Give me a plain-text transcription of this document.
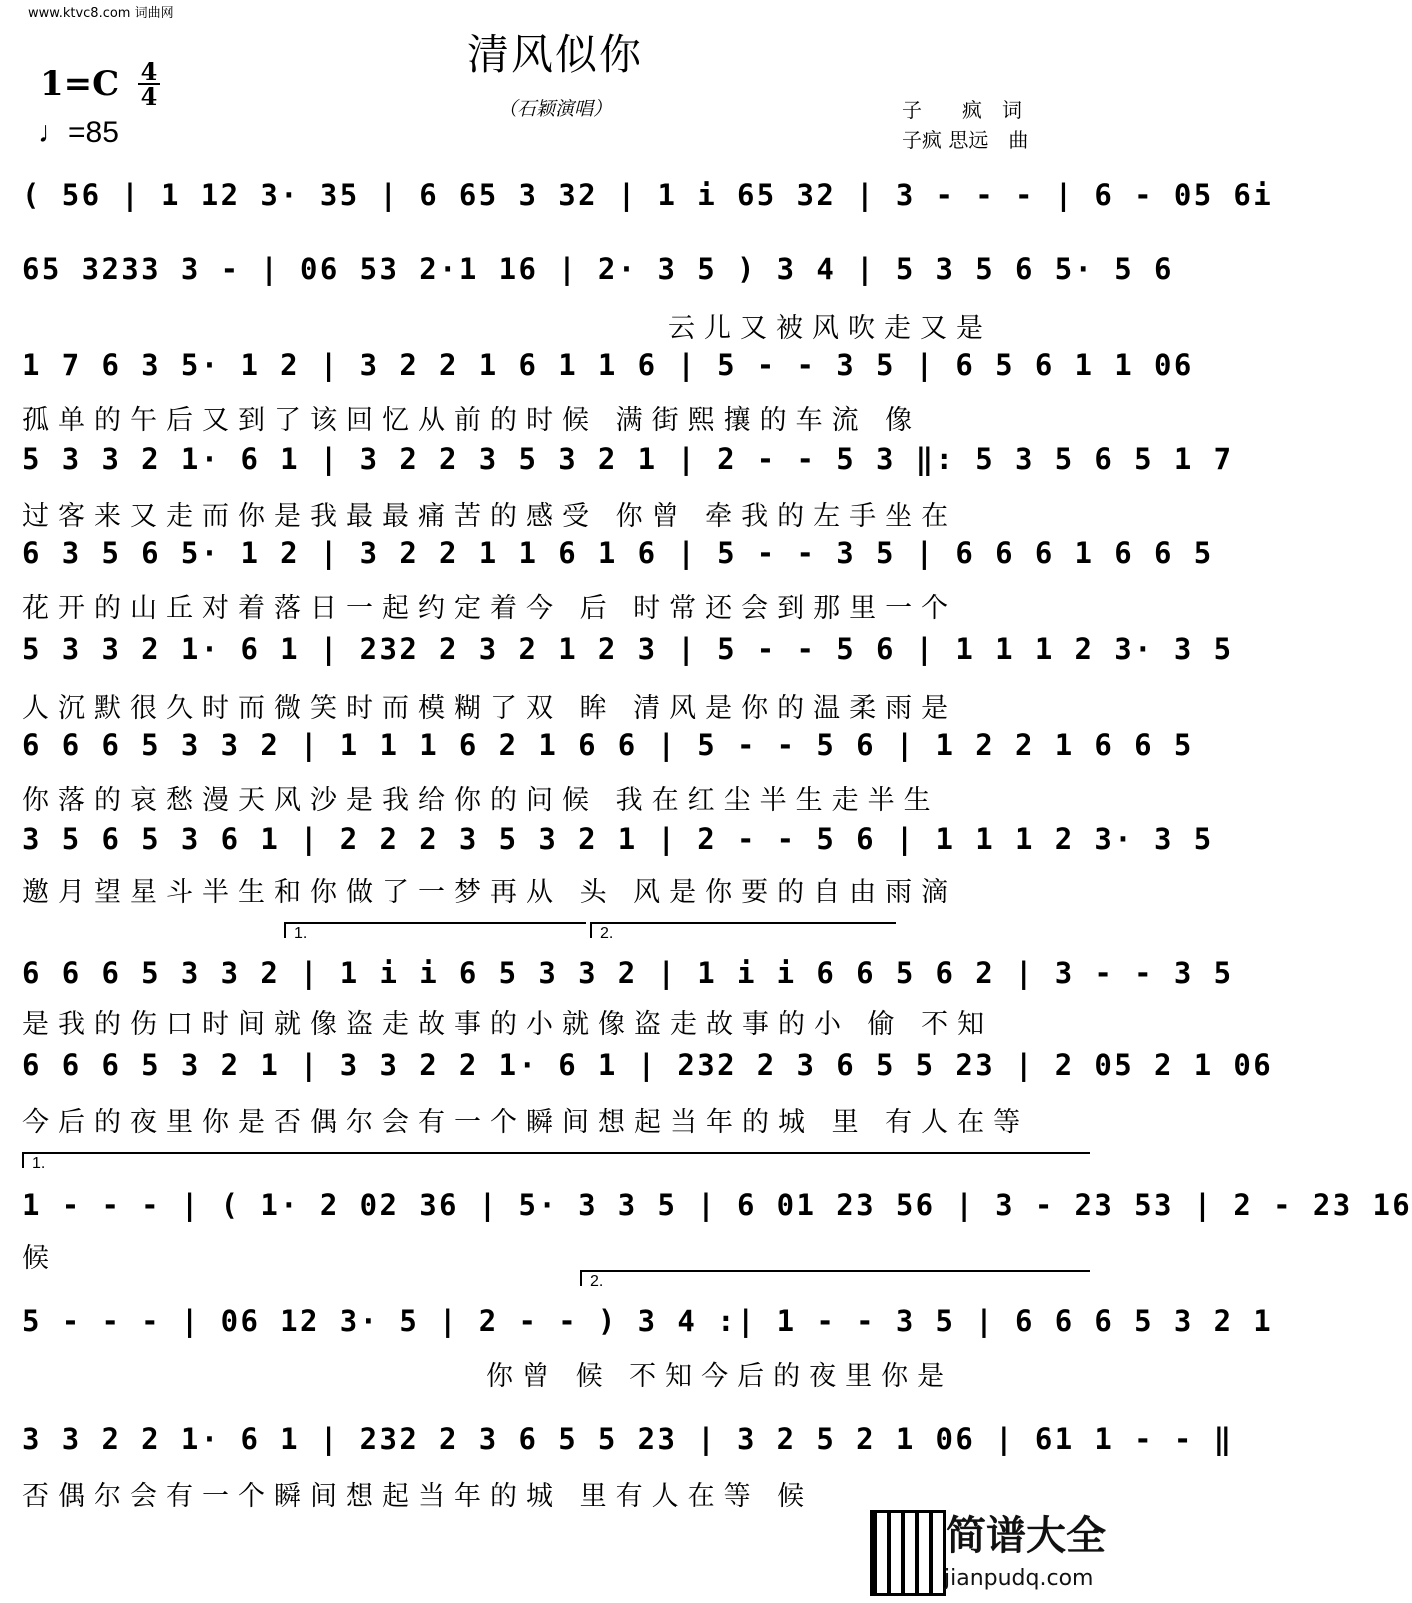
www.ktvc8.com 词曲网
清风似你
（石颖演唱）
1=C 4
4
♩=85
子　　疯　词
子疯 思远　曲
( 56 | 1 12 3· 35 | 6 65 3 32 | 1 i 65 32 | 3 - - - | 6 - 05 6i
65 3233 3 - | 06 53 2·1 16 | 2· 3 5 ) 3 4 | 5 3 5 6 5· 5 6
云儿又被风吹走又是
1 7 6 3 5· 1 2 | 3 2 2 1 6 1 1 6 | 5 - - 3 5 | 6 5 6 1 1 06
孤单的午后又到了该回忆从前的时候 满街熙攘的车流 像
5 3 3 2 1· 6 1 | 3 2 2 3 5 3 2 1 | 2 - - 5 3 ‖: 5 3 5 6 5 1 7
过客来又走而你是我最最痛苦的感受 你曾 牵我的左手坐在
6 3 5 6 5· 1 2 | 3 2 2 1 1 6 1 6 | 5 - - 3 5 | 6 6 6 1 6 6 5
花开的山丘对着落日一起约定着今 后 时常还会到那里一个
5 3 3 2 1· 6 1 | 232 2 3 2 1 2 3 | 5 - - 5 6 | 1 1 1 2 3· 3 5
人沉默很久时而微笑时而模糊了双 眸 清风是你的温柔雨是
6 6 6 5 3 3 2 | 1 1 1 6 2 1 6 6 | 5 - - 5 6 | 1 2 2 1 6 6 5
你落的哀愁漫天风沙是我给你的问候 我在红尘半生走半生
3 5 6 5 3 6 1 | 2 2 2 3 5 3 2 1 | 2 - - 5 6 | 1 1 1 2 3· 3 5
邀月望星斗半生和你做了一梦再从 头 风是你要的自由雨滴
1.	2.
6 6 6 5 3 3 2 | 1 i i 6 5 3 3 2 | 1 i i 6 6 5 6 2 | 3 - - 3 5
是我的伤口时间就像盗走故事的小就像盗走故事的小 偷 不知
6 6 6 5 3 2 1 | 3 3 2 2 1· 6 1 | 232 2 3 6 5 5 23 | 2 05 2 1 06
今后的夜里你是否偶尔会有一个瞬间想起当年的城 里 有人在等
1.
1 - - - | ( 1· 2 02 36 | 5· 3 3 5 | 6 01 23 56 | 3 - 23 53 | 2 - 23 16
候
2.
5 - - - | 06 12 3· 5 | 2 - - ) 3 4 :| 1 - - 3 5 | 6 6 6 5 3 2 1
你曾 候 不知今后的夜里你是
3 3 2 2 1· 6 1 | 232 2 3 6 5 5 23 | 3 2 5 2 1 06 | 61 1 - - ‖
否偶尔会有一个瞬间想起当年的城 里有人在等 候
简谱大全
jianpudq.com
